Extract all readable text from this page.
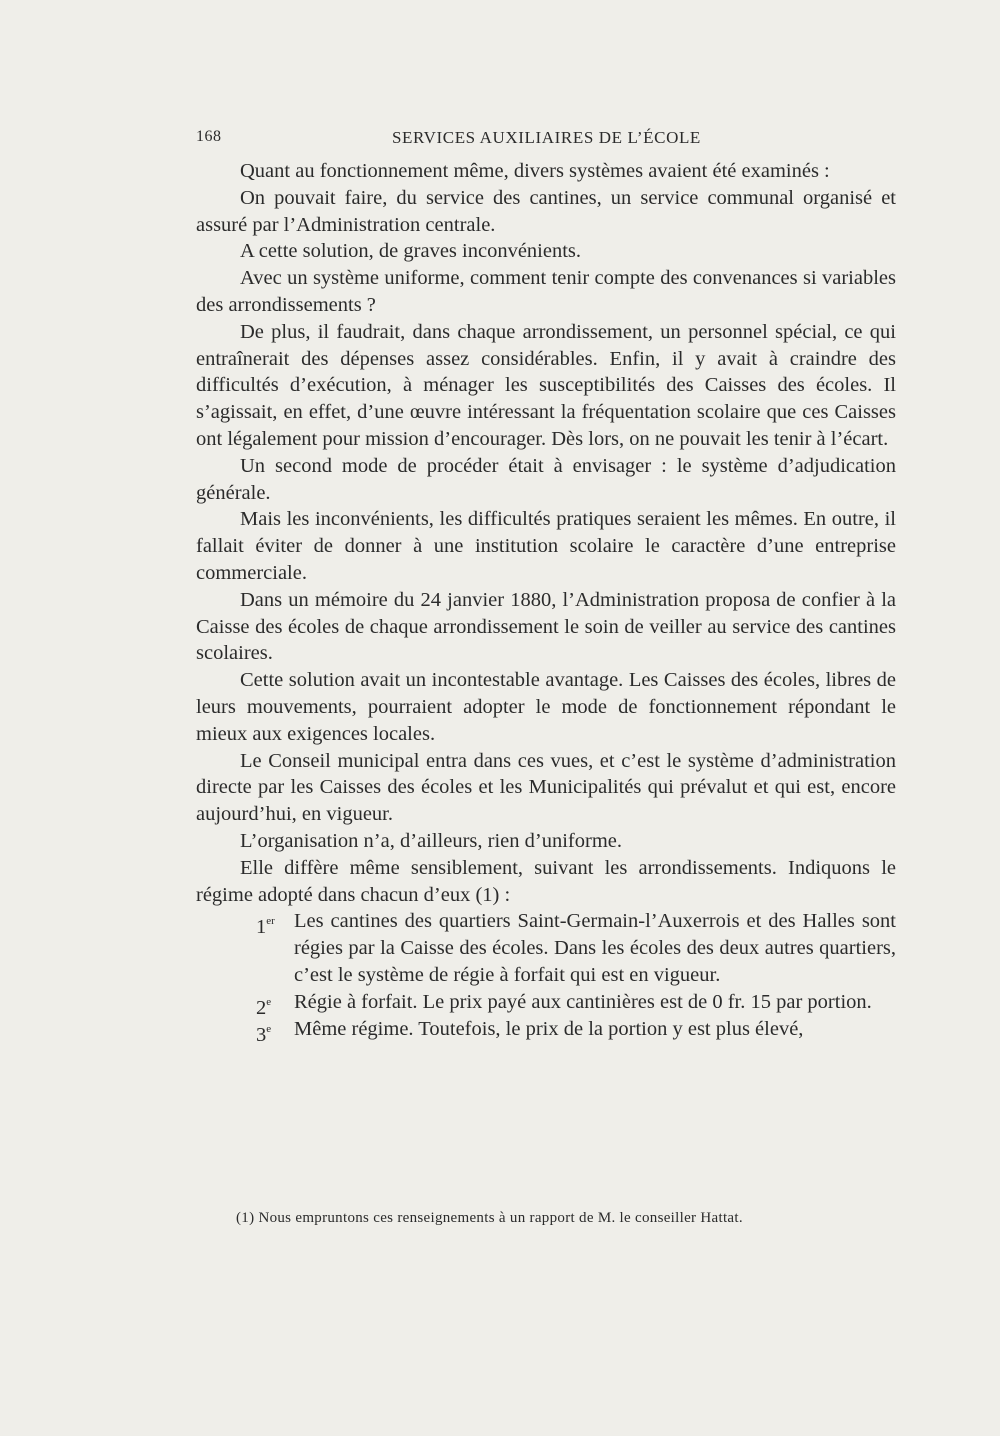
168	SERVICES AUXILIAIRES DE L’ÉCOLE

Quant au fonctionnement même, divers systèmes avaient été examinés :

On pouvait faire, du service des cantines, un service communal organisé et assuré par l’Administration centrale.

A cette solution, de graves inconvénients.

Avec un système uniforme, comment tenir compte des convenances si variables des arrondissements ?

De plus, il faudrait, dans chaque arrondissement, un personnel spécial, ce qui entraînerait des dépenses assez considérables. Enfin, il y avait à craindre des difficultés d’exécution, à ménager les susceptibilités des Caisses des écoles. Il s’agissait, en effet, d’une œuvre intéressant la fréquentation scolaire que ces Caisses ont légalement pour mission d’encourager. Dès lors, on ne pouvait les tenir à l’écart.

Un second mode de procéder était à envisager : le système d’adjudication générale.

Mais les inconvénients, les difficultés pratiques seraient les mêmes. En outre, il fallait éviter de donner à une institution scolaire le caractère d’une entreprise commerciale.

Dans un mémoire du 24 janvier 1880, l’Administration proposa de confier à la Caisse des écoles de chaque arrondissement le soin de veiller au service des cantines scolaires.

Cette solution avait un incontestable avantage. Les Caisses des écoles, libres de leurs mouvements, pourraient adopter le mode de fonctionnement répondant le mieux aux exigences locales.

Le Conseil municipal entra dans ces vues, et c’est le système d’administration directe par les Caisses des écoles et les Municipalités qui prévalut et qui est, encore aujourd’hui, en vigueur.

L’organisation n’a, d’ailleurs, rien d’uniforme.

Elle diffère même sensiblement, suivant les arrondissements. Indiquons le régime adopté dans chacun d’eux (1) :

1er Les cantines des quartiers Saint-Germain-l’Auxerrois et des Halles sont régies par la Caisse des écoles. Dans les écoles des deux autres quartiers, c’est le système de régie à forfait qui est en vigueur.
2e Régie à forfait. Le prix payé aux cantinières est de 0 fr. 15 par portion.
3e Même régime. Toutefois, le prix de la portion y est plus élevé,
(1) Nous empruntons ces renseignements à un rapport de M. le conseiller Hattat.
